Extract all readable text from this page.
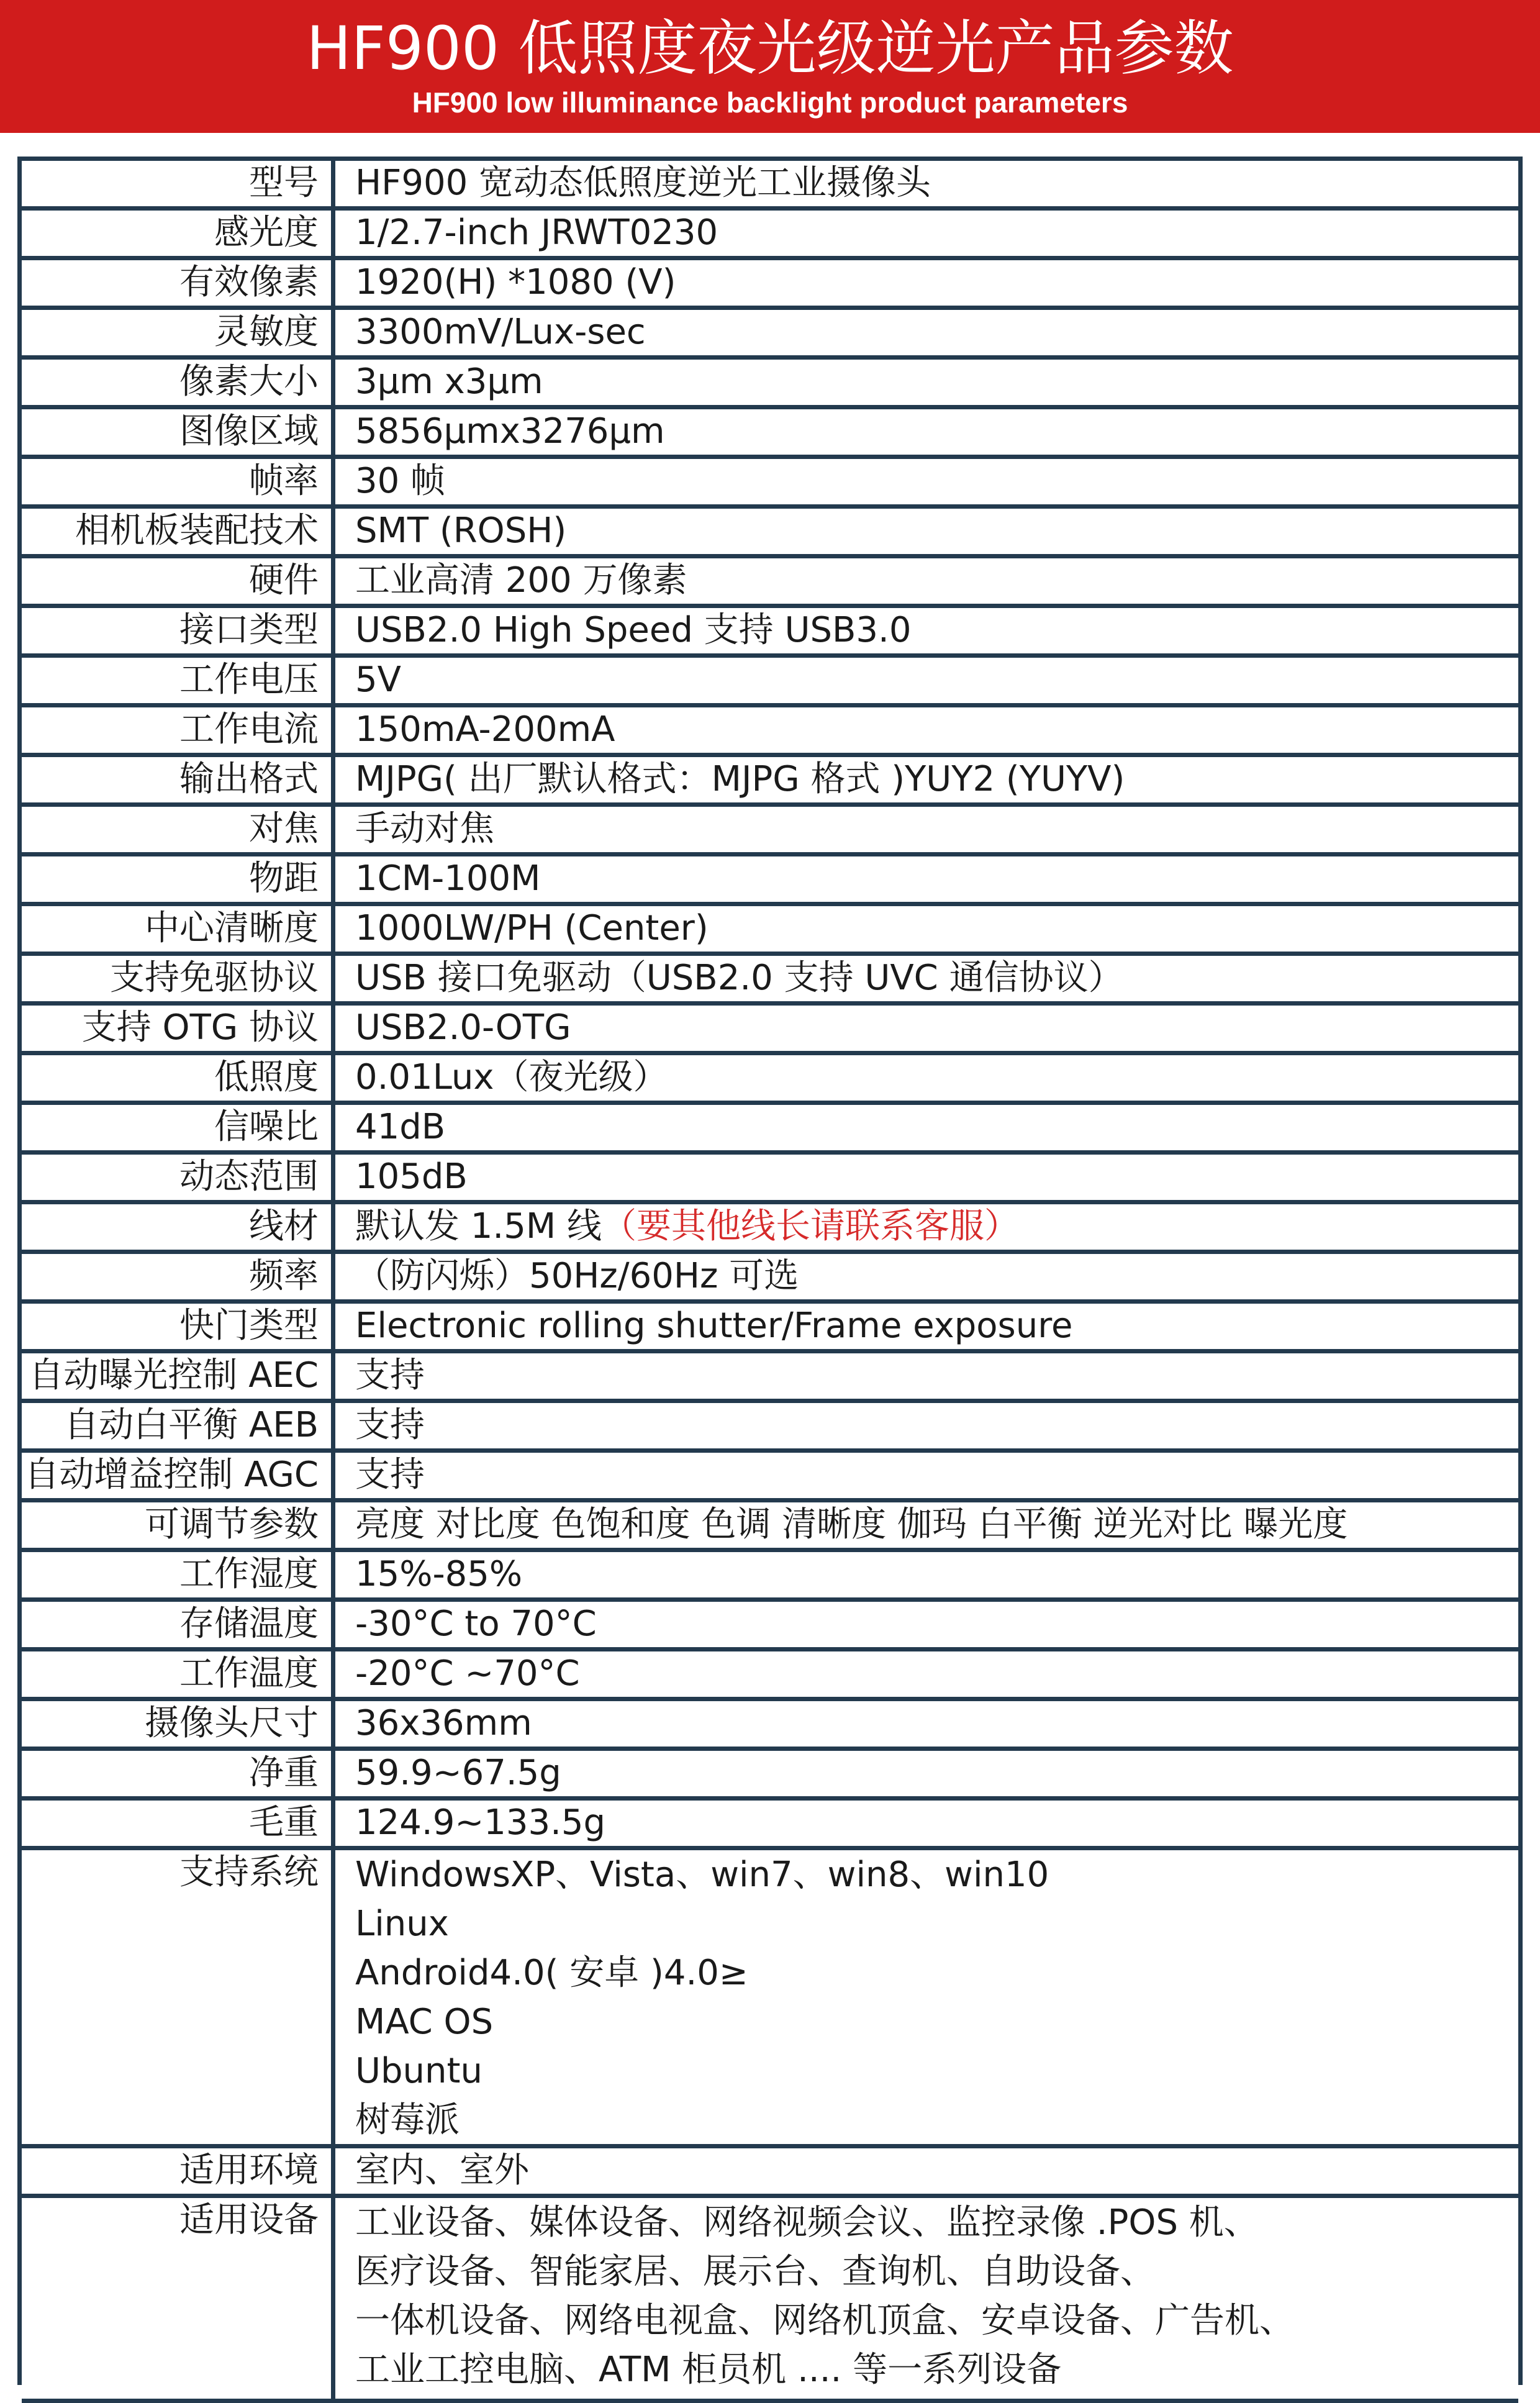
HF900 低照度夜光级逆光产品参数
HF900 low illuminance backlight product parameters
型号	HF900 宽动态低照度逆光工业摄像头
感光度	1/2.7-inch JRWT0230
有效像素	1920(H) *1080 (V)
灵敏度	3300mV/Lux-sec
像素大小	3μm x3μm
图像区域	5856μmx3276μm
帧率	30 帧
相机板装配技术	SMT (ROSH)
硬件	工业高清 200 万像素
接口类型	USB2.0 High Speed 支持 USB3.0
工作电压	5V
工作电流	150mA-200mA
输出格式	MJPG( 出厂默认格式：MJPG 格式 )YUY2 (YUYV)
对焦	手动对焦
物距	1CM-100M
中心清晰度	1000LW/PH (Center)
支持免驱协议	USB 接口免驱动（USB2.0 支持 UVC 通信协议）
支持 OTG 协议	USB2.0-OTG
低照度	0.01Lux（夜光级）
信噪比	41dB
动态范围	105dB
线材	默认发 1.5M 线（要其他线长请联系客服）
频率	（防闪烁）50Hz/60Hz 可选
快门类型	Electronic rolling shutter/Frame exposure
自动曝光控制 AEC	支持
自动白平衡 AEB	支持
自动增益控制 AGC	支持
可调节参数	亮度 对比度 色饱和度 色调 清晰度 伽玛 白平衡 逆光对比 曝光度
工作湿度	15%-85%
存储温度	-30°C to 70°C
工作温度	-20°C ~70°C
摄像头尺寸	36x36mm
净重	59.9~67.5g
毛重	124.9~133.5g
支持系统	WindowsXP、Vista、win7、win8、win10
Linux
Android4.0( 安卓 )4.0≥
MAC OS
Ubuntu
树莓派
适用环境	室内、室外
适用设备	工业设备、媒体设备、网络视频会议、监控录像 .POS 机、
医疗设备、智能家居、展示台、查询机、自助设备、
一体机设备、网络电视盒、网络机顶盒、安卓设备、广告机、
工业工控电脑、ATM 柜员机 .... 等一系列设备
